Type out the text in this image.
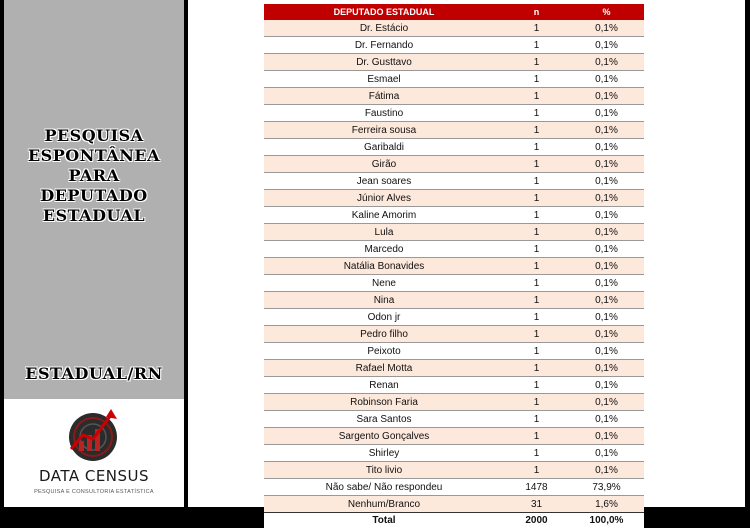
PESQUISA
ESPONTÂNEA
PARA
DEPUTADO
ESTADUAL
ESTADUAL/RN
DATA CENSUS
PESQUISA E CONSULTORIA ESTATÍSTICA
DEPUTADO ESTADUAL	n	%
Dr. Estácio	1	0,1%
Dr. Fernando	1	0,1%
Dr. Gusttavo	1	0,1%
Esmael	1	0,1%
Fátima	1	0,1%
Faustino	1	0,1%
Ferreira sousa	1	0,1%
Garibaldi	1	0,1%
Girão	1	0,1%
Jean soares	1	0,1%
Júnior Alves	1	0,1%
Kaline Amorim	1	0,1%
Lula	1	0,1%
Marcedo	1	0,1%
Natália Bonavides	1	0,1%
Nene	1	0,1%
Nina	1	0,1%
Odon jr	1	0,1%
Pedro filho	1	0,1%
Peixoto	1	0,1%
Rafael Motta	1	0,1%
Renan	1	0,1%
Robinson Faria	1	0,1%
Sara Santos	1	0,1%
Sargento Gonçalves	1	0,1%
Shirley	1	0,1%
Tito livio	1	0,1%
Não sabe/ Não respondeu	1478	73,9%
Nenhum/Branco	31	1,6%
Total	2000	100,0%
